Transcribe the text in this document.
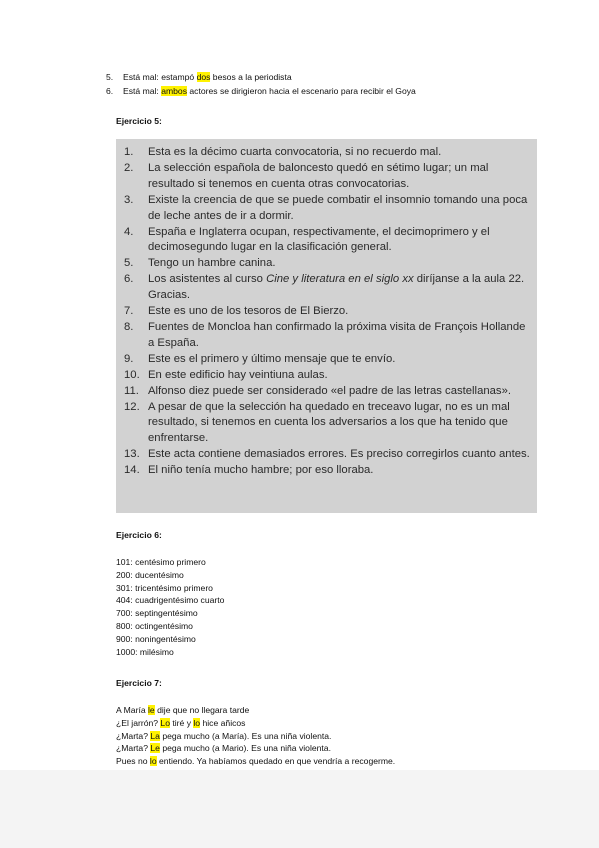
5. Está mal: estampó dos besos a la periodista
6. Está mal: ambos actores se dirigieron hacia el escenario para recibir el Goya
Ejercicio 5:
1.	Esta es la décimo cuarta convocatoria, si no recuerdo mal.
2.	La selección española de baloncesto quedó en sétimo lugar; un mal resultado si tenemos en cuenta otras convocatorias.
3.	Existe la creencia de que se puede combatir el insomnio tomando una poca de leche antes de ir a dormir.
4.	España e Inglaterra ocupan, respectivamente, el decimoprimero y el decimosegundo lugar en la clasificación general.
5.	Tengo un hambre canina.
6.	Los asistentes al curso Cine y literatura en el siglo xx diríjanse a la aula 22. Gracias.
7.	Este es uno de los tesoros de El Bierzo.
8.	Fuentes de Moncloa han confirmado la próxima visita de François Hollande a España.
9.	Este es el primero y último mensaje que te envío.
10. En este edificio hay veintiuna aulas.
11. Alfonso diez puede ser considerado «el padre de las letras castellanas».
12. A pesar de que la selección ha quedado en treceavo lugar, no es un mal resultado, si tenemos en cuenta los adversarios a los que ha tenido que enfrentarse.
13. Este acta contiene demasiados errores. Es preciso corregirlos cuanto antes.
14. El niño tenía mucho hambre; por eso lloraba.
Ejercicio 6:
101: centésimo primero
200: ducentésimo
301: tricentésimo primero
404: cuadrigentésimo cuarto
700: septingentésimo
800: octingentésimo
900: noningentésimo
1000: milésimo
Ejercicio 7:
A María le dije que no llegara tarde
¿El jarrón? Lo tiré y lo hice añicos
¿Marta? La pega mucho (a María). Es una niña violenta.
¿Marta? Le pega mucho (a Mario). Es una niña violenta.
Pues no lo entiendo. Ya habíamos quedado en que vendría a recogerme.
